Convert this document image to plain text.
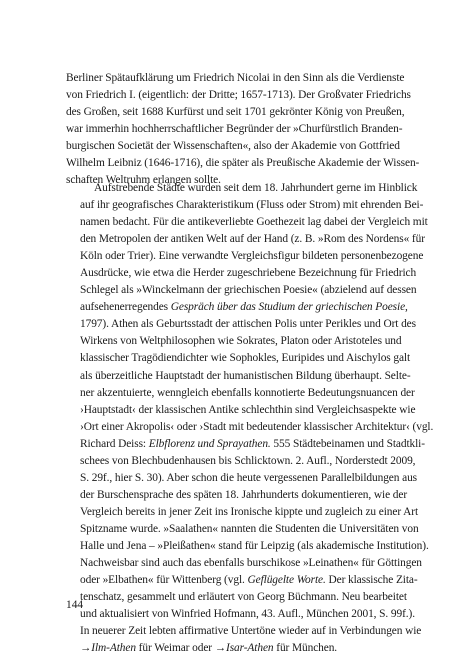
Berliner Spätaufklärung um Friedrich Nicolai in den Sinn als die Verdienste
von Friedrich I. (eigentlich: der Dritte; 1657-1713). Der Großvater Friedrichs
des Großen, seit 1688 Kurfürst und seit 1701 gekrönter König von Preußen,
war immerhin hochherrschaftlicher Begründer der »Churfürstlich Branden-
burgischen Societät der Wissenschaften«, also der Akademie von Gottfried
Wilhelm Leibniz (1646-1716), die später als Preußische Akademie der Wissen-
schaften Weltruhm erlangen sollte.
Aufstrebende Städte wurden seit dem 18. Jahrhundert gerne im Hinblick
auf ihr geografisches Charakteristikum (Fluss oder Strom) mit ehrenden Bei-
namen bedacht. Für die antikeverliebte Goethezeit lag dabei der Vergleich mit
den Metropolen der antiken Welt auf der Hand (z. B. »Rom des Nordens« für
Köln oder Trier). Eine verwandte Vergleichsfigur bildeten personenbezogene
Ausdrücke, wie etwa die Herder zugeschriebene Bezeichnung für Friedrich
Schlegel als »Winckelmann der griechischen Poesie« (abzielend auf dessen
aufsehenerregendes Gespräch über das Studium der griechischen Poesie,
1797). Athen als Geburtsstadt der attischen Polis unter Perikles und Ort des
Wirkens von Weltphilosophen wie Sokrates, Platon oder Aristoteles und
klassischer Tragödiendichter wie Sophokles, Euripides und Aischylos galt
als überzeitliche Hauptstadt der humanistischen Bildung überhaupt. Selte-
ner akzentuierte, wenngleich ebenfalls konnotierte Bedeutungsnuancen der
›Hauptstadt‹ der klassischen Antike schlechthin sind Vergleichsaspekte wie
›Ort einer Akropolis‹ oder ›Stadt mit bedeutender klassischer Architektur‹ (vgl.
Richard Deiss: Elbflorenz und Sprayathen. 555 Städtebeinamen und Stadtkli-
schees von Blechbudenhausen bis Schlicktown. 2. Aufl., Norderstedt 2009,
S. 29f., hier S. 30). Aber schon die heute vergessenen Parallelbildungen aus
der Burschensprache des späten 18. Jahrhunderts dokumentieren, wie der
Vergleich bereits in jener Zeit ins Ironische kippte und zugleich zu einer Art
Spitzname wurde. »Saalathen« nannten die Studenten die Universitäten von
Halle und Jena – »Pleißathen« stand für Leipzig (als akademische Institution).
Nachweisbar sind auch das ebenfalls burschikose »Leinathen« für Göttingen
oder »Elbathen« für Wittenberg (vgl. Geflügelte Worte. Der klassische Zita-
tenschatz, gesammelt und erläutert von Georg Büchmann. Neu bearbeitet
und aktualisiert von Winfried Hofmann, 43. Aufl., München 2001, S. 99f.).
In neuerer Zeit lebten affirmative Untertöne wieder auf in Verbindungen wie
→Ilm-Athen für Weimar oder →Isar-Athen für München.
144
